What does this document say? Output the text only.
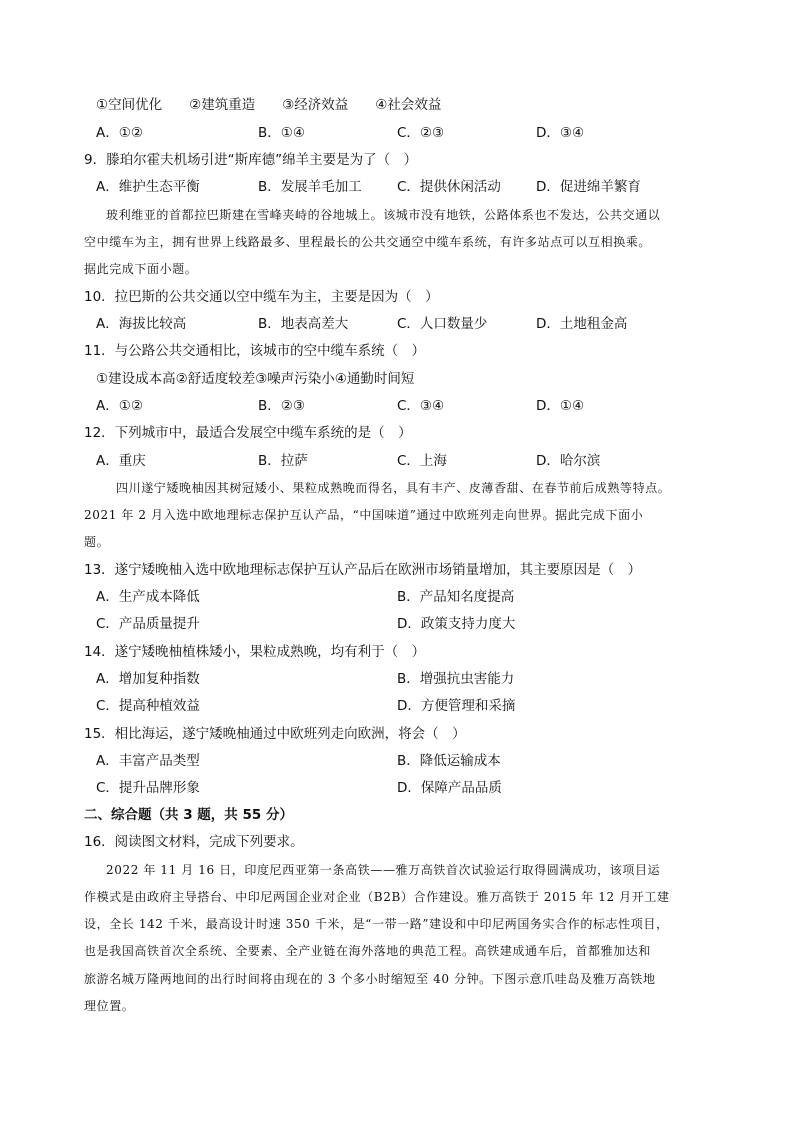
①空间优化　　②建筑重造　　③经济效益　　④社会效益
A．①②	B．①④	C．②③	D．③④
9．滕珀尔霍夫机场引进“斯库德”绵羊主要是为了（　）
A．维护生态平衡	B．发展羊毛加工	C．提供休闲活动	D．促进绵羊繁育
玻利维亚的首都拉巴斯建在雪峰夹峙的谷地城上。该城市没有地铁，公路体系也不发达，公共交通以
空中缆车为主，拥有世界上线路最多、里程最长的公共交通空中缆车系统，有许多站点可以互相换乘。
据此完成下面小题。
10．拉巴斯的公共交通以空中缆车为主，主要是因为（　）
A．海拔比较高	B．地表高差大	C．人口数量少	D．土地租金高
11．与公路公共交通相比，该城市的空中缆车系统（　）
①建设成本高②舒适度较差③噪声污染小④通勤时间短
A．①②	B．②③	C．③④	D．①④
12．下列城市中，最适合发展空中缆车系统的是（　）
A．重庆	B．拉萨	C．上海	D．哈尔滨
四川遂宁矮晚柚因其树冠矮小、果粒成熟晚而得名，具有丰产、皮薄香甜、在春节前后成熟等特点。
2021 年 2 月入选中欧地理标志保护互认产品，“中国味道”通过中欧班列走向世界。据此完成下面小
题。
13．遂宁矮晚柚入选中欧地理标志保护互认产品后在欧洲市场销量增加，其主要原因是（　）
A．生产成本降低	B．产品知名度提高
C．产品质量提升	D．政策支持力度大
14．遂宁矮晚柚植株矮小，果粒成熟晚，均有利于（　）
A．增加复种指数	B．增强抗虫害能力
C．提高种植效益	D．方便管理和采摘
15．相比海运，遂宁矮晚柚通过中欧班列走向欧洲，将会（　）
A．丰富产品类型	B．降低运输成本
C．提升品牌形象	D．保障产品品质
二、综合题（共 3 题，共 55 分）
16．阅读图文材料，完成下列要求。
2022 年 11 月 16 日，印度尼西亚第一条高铁——雅万高铁首次试验运行取得圆满成功，该项目运
作模式是由政府主导搭台、中印尼两国企业对企业（B2B）合作建设。雅万高铁于 2015 年 12 月开工建
设，全长 142 千米，最高设计时速 350 千米，是“一带一路”建设和中印尼两国务实合作的标志性项目，
也是我国高铁首次全系统、全要素、全产业链在海外落地的典范工程。高铁建成通车后，首都雅加达和
旅游名城万隆两地间的出行时间将由现在的 3 个多小时缩短至 40 分钟。下图示意爪哇岛及雅万高铁地
理位置。
